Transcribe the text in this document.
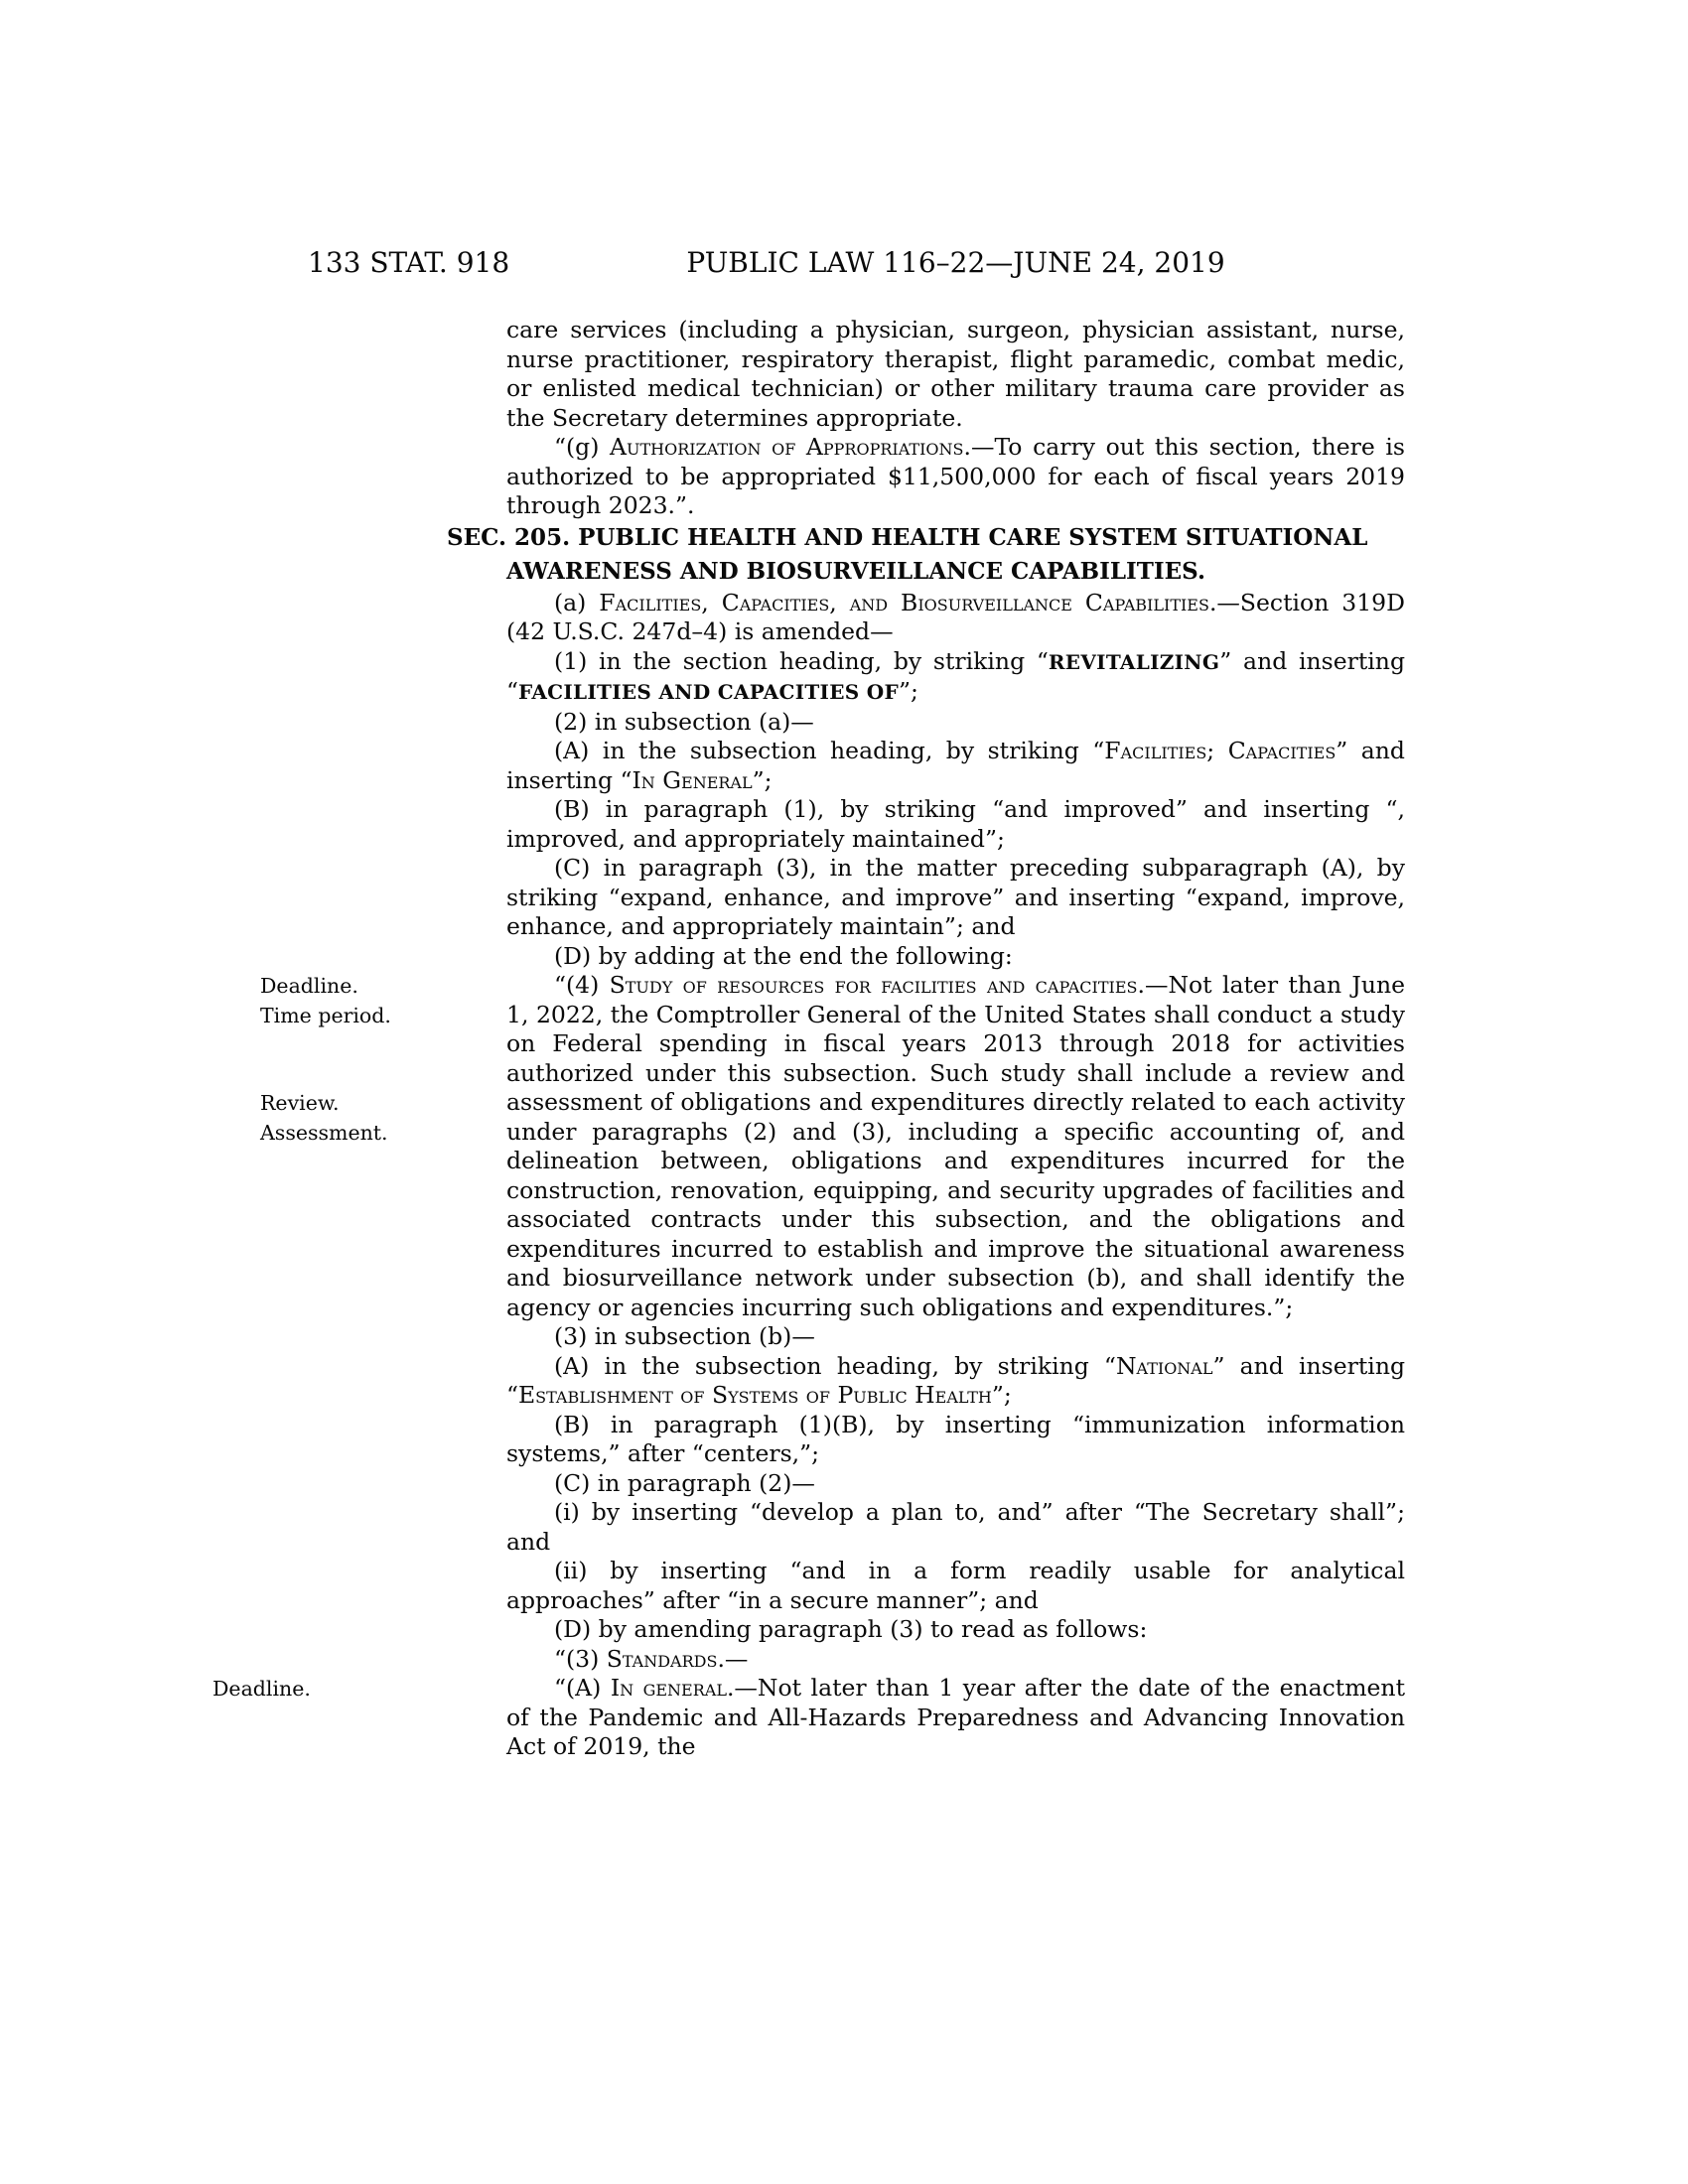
133 STAT. 918	PUBLIC LAW 116–22—JUNE 24, 2019

care services (including a physician, surgeon, physician assistant, nurse, nurse practitioner, respiratory therapist, flight paramedic, combat medic, or enlisted medical technician) or other military trauma care provider as the Secretary determines appropriate.

“(g) Authorization of Appropriations.—To carry out this section, there is authorized to be appropriated $11,500,000 for each of fiscal years 2019 through 2023.”.

SEC. 205. PUBLIC HEALTH AND HEALTH CARE SYSTEM SITUATIONAL AWARENESS AND BIOSURVEILLANCE CAPABILITIES.

(a) Facilities, Capacities, and Biosurveillance Capabilities.—Section 319D (42 U.S.C. 247d–4) is amended—

(1) in the section heading, by striking “REVITALIZING” and inserting “FACILITIES AND CAPACITIES OF”;

(2) in subsection (a)—

(A) in the subsection heading, by striking “Facilities; Capacities” and inserting “In General”;

(B) in paragraph (1), by striking “and improved” and inserting “, improved, and appropriately maintained”;

(C) in paragraph (3), in the matter preceding subparagraph (A), by striking “expand, enhance, and improve” and inserting “expand, improve, enhance, and appropriately maintain”; and

(D) by adding at the end the following:

Deadline.
Time period.
Review.
Assessment.
“(4) Study of resources for facilities and capacities.—Not later than June 1, 2022, the Comptroller General of the United States shall conduct a study on Federal spending in fiscal years 2013 through 2018 for activities authorized under this subsection. Such study shall include a review and assessment of obligations and expenditures directly related to each activity under paragraphs (2) and (3), including a specific accounting of, and delineation between, obligations and expenditures incurred for the construction, renovation, equipping, and security upgrades of facilities and associated contracts under this subsection, and the obligations and expenditures incurred to establish and improve the situational awareness and biosurveillance network under subsection (b), and shall identify the agency or agencies incurring such obligations and expenditures.”;

(3) in subsection (b)—

(A) in the subsection heading, by striking “National” and inserting “Establishment of Systems of Public Health”;

(B) in paragraph (1)(B), by inserting “immunization information systems,” after “centers,”;

(C) in paragraph (2)—

(i) by inserting “develop a plan to, and” after “The Secretary shall”; and

(ii) by inserting “and in a form readily usable for analytical approaches” after “in a secure manner”; and

(D) by amending paragraph (3) to read as follows:

“(3) Standards.—

Deadline.	“(A) In general.—Not later than 1 year after the date of the enactment of the Pandemic and All-Hazards Preparedness and Advancing Innovation Act of 2019, the
